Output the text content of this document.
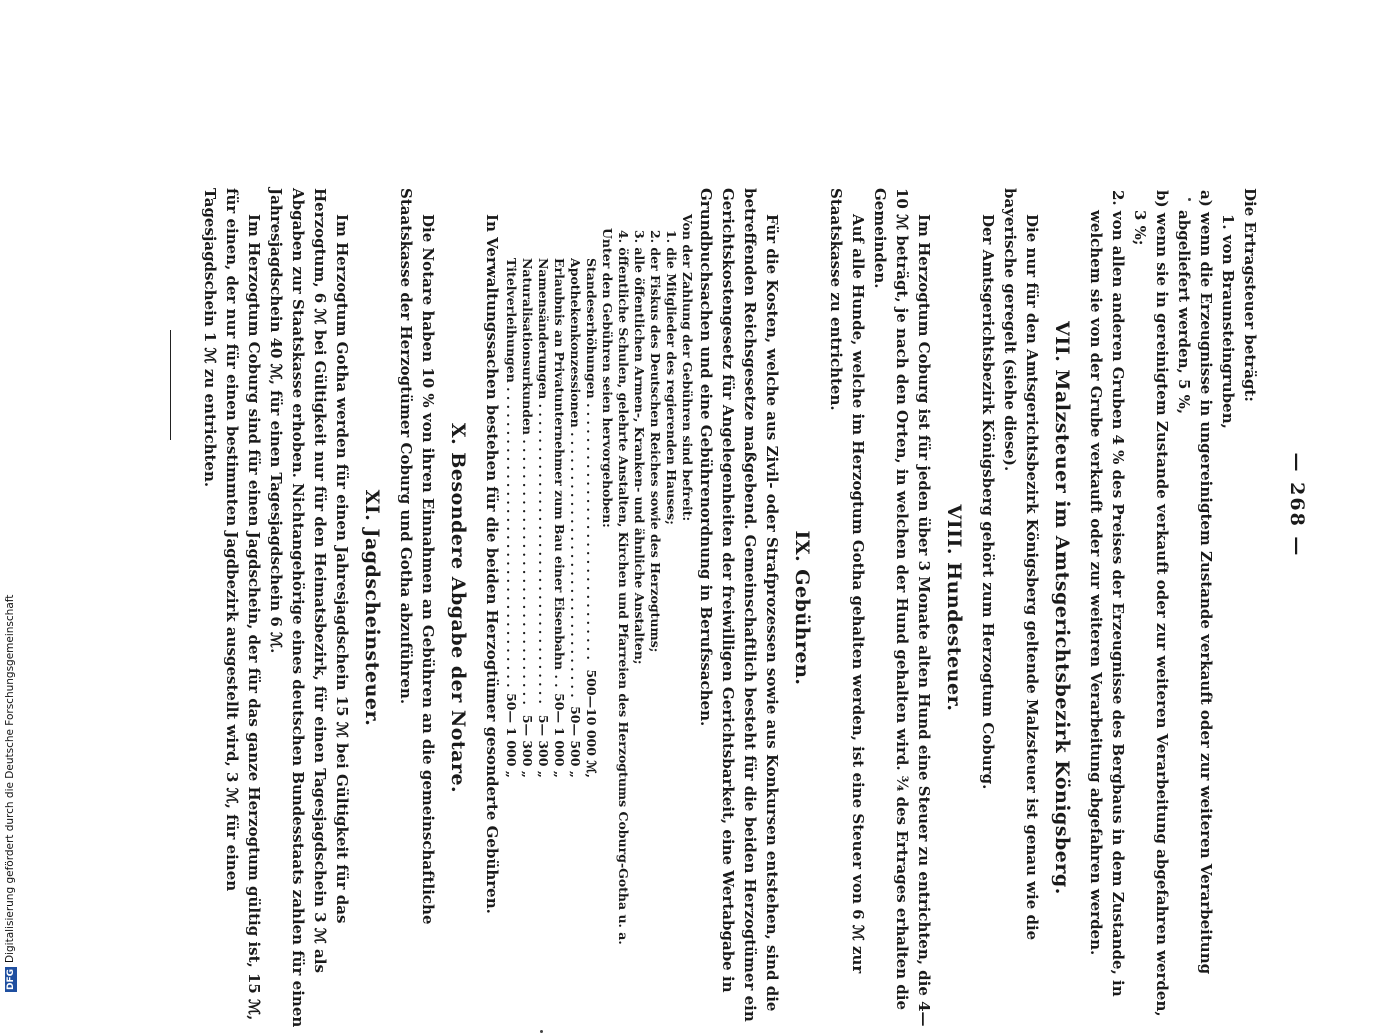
— 268 —

Die Ertragsteuer beträgt:

1. von Braunsteingruben,

a) wenn die Erzeugnisse in ungereinigtem Zustande verkauft oder zur weiteren Verarbeitung abgeliefert werden, 5 %,

b) wenn sie in gereinigtem Zustande verkauft oder zur weiteren Verarbeitung abgefahren werden, 3 %;

2. von allen anderen Gruben 4 % des Preises der Erzeugnisse des Bergbaus in dem Zustande, in welchem sie von der Grube verkauft oder zur weiteren Verarbeitung abgefahren werden.

VII. Malzsteuer im Amtsgerichtsbezirk Königsberg.

Die nur für den Amtsgerichtsbezirk Königsberg geltende Malzsteuer ist genau wie die bayerische geregelt (siehe diese).

Der Amtsgerichtsbezirk Königsberg gehört zum Herzogtum Coburg.

VIII. Hundesteuer.

Im Herzogtum Coburg ist für jeden über 3 Monate alten Hund eine Steuer zu entrichten, die 4—10 ℳ beträgt, je nach den Orten, in welchen der Hund gehalten wird. ¾ des Ertrages erhalten die Gemeinden.

Auf alle Hunde, welche im Herzogtum Gotha gehalten werden, ist eine Steuer von 6 ℳ zur Staatskasse zu entrichten.

IX. Gebühren.

Für die Kosten, welche aus Zivil- oder Strafprozessen sowie aus Konkursen entstehen, sind die betreffenden Reichsgesetze maßgebend. Gemeinschaftlich besteht für die beiden Herzogtümer ein Gerichtskostengesetz für Angelegenheiten der freiwilligen Gerichtsbarkeit, eine Wertabgabe in Grundbuchsachen und eine Gebührenordnung in Berufssachen.

Von der Zahlung der Gebühren sind befreit:

1. die Mitglieder des regierenden Hauses;
2. der Fiskus des Deutschen Reiches sowie des Herzogtums;
3. alle öffentlichen Armen-, Kranken- und ähnliche Anstalten;
4. öffentliche Schulen, gelehrte Anstalten, Kirchen und Pfarreien des Herzogtums Coburg-Gotha u. a.

Unter den Gebühren seien hervorgehoben:

Standeserhöhungen . . .
500—10 000 ℳ,
Apothekenkonzessionen . . .
50— 500 „
Erlaubnis an Privatunternehmer zum Bau einer Eisenbahn . . .
50— 1 000 „
Namensänderungen . . .
5— 300 „
Naturalisationsurkunden . . .
5— 300 „
Titelverleihungen . . .
50— 1 000 „

In Verwaltungssachen bestehen für die beiden Herzogtümer gesonderte Gebühren.

X. Besondere Abgabe der Notare.

Die Notare haben 10 % von ihren Einnahmen an Gebühren an die gemeinschaftliche Staatskasse der Herzogtümer Coburg und Gotha abzuführen.

XI. Jagdscheinsteuer.

Im Herzogtum Gotha werden für einen Jahresjagdschein 15 ℳ bei Gültigkeit für das Herzogtum, 6 ℳ bei Gültigkeit nur für den Heimatsbezirk, für einen Tagesjagdschein 3 ℳ als Abgaben zur Staatskasse erhoben. Nichtangehörige eines deutschen Bundesstaats zahlen für einen Jahresjagdschein 40 ℳ, für einen Tagesjagdschein 6 ℳ.

Im Herzogtum Coburg sind für einen Jagdschein, der für das ganze Herzogtum gültig ist, 15 ℳ, für einen, der nur für einen bestimmten Jagdbezirk ausgestellt wird, 3 ℳ, für einen Tagesjagdschein 1 ℳ zu entrichten.

DFGDigitalisierung gefördert durch die Deutsche Forschungsgemeinschaft
